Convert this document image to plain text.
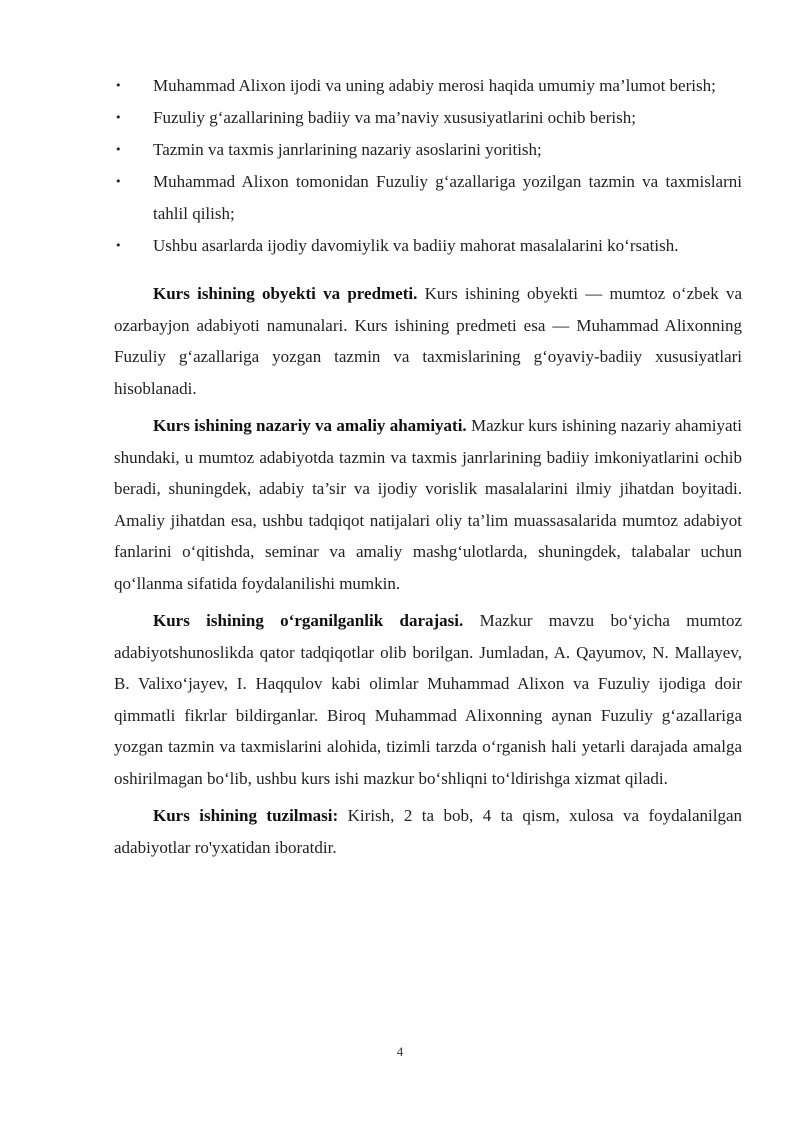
• Muhammad Alixon ijodi va uning adabiy merosi haqida umumiy ma’lumot berish;
• Fuzuliy g‘azallarining badiiy va ma’naviy xususiyatlarini ochib berish;
• Tazmin va taxmis janrlarining nazariy asoslarini yoritish;
• Muhammad Alixon tomonidan Fuzuliy g‘azallariga yozilgan tazmin va taxmislarni tahlil qilish;
• Ushbu asarlarda ijodiy davomiylik va badiiy mahorat masalalarini ko‘rsatish.

Kurs ishining obyekti va predmeti. Kurs ishining obyekti — mumtoz o‘zbek va ozarbayjon adabiyoti namunalari. Kurs ishining predmeti esa — Muhammad Alixonning Fuzuliy g‘azallariga yozgan tazmin va taxmislarining g‘oyaviy-badiiy xususiyatlari hisoblanadi.

Kurs ishining nazariy va amaliy ahamiyati. Mazkur kurs ishining nazariy ahamiyati shundaki, u mumtoz adabiyotda tazmin va taxmis janrlarining badiiy imkoniyatlarini ochib beradi, shuningdek, adabiy ta’sir va ijodiy vorislik masalalarini ilmiy jihatdan boyitadi. Amaliy jihatdan esa, ushbu tadqiqot natijalari oliy ta’lim muassasalarida mumtoz adabiyot fanlarini o‘qitishda, seminar va amaliy mashg‘ulotlarda, shuningdek, talabalar uchun qo‘llanma sifatida foydalanilishi mumkin.

Kurs ishining o‘rganilganlik darajasi. Mazkur mavzu bo‘yicha mumtoz adabiyotshunoslikda qator tadqiqotlar olib borilgan. Jumladan, A. Qayumov, N. Mallayev, B. Valixo‘jayev, I. Haqqulov kabi olimlar Muhammad Alixon va Fuzuliy ijodiga doir qimmatli fikrlar bildirganlar. Biroq Muhammad Alixonning aynan Fuzuliy g‘azallariga yozgan tazmin va taxmislarini alohida, tizimli tarzda o‘rganish hali yetarli darajada amalga oshirilmagan bo‘lib, ushbu kurs ishi mazkur bo‘shliqni to‘ldirishga xizmat qiladi.

Kurs ishining tuzilmasi: Kirish, 2 ta bob, 4 ta qism, xulosa va foydalanilgan adabiyotlar ro'yxatidan iboratdir.

4
